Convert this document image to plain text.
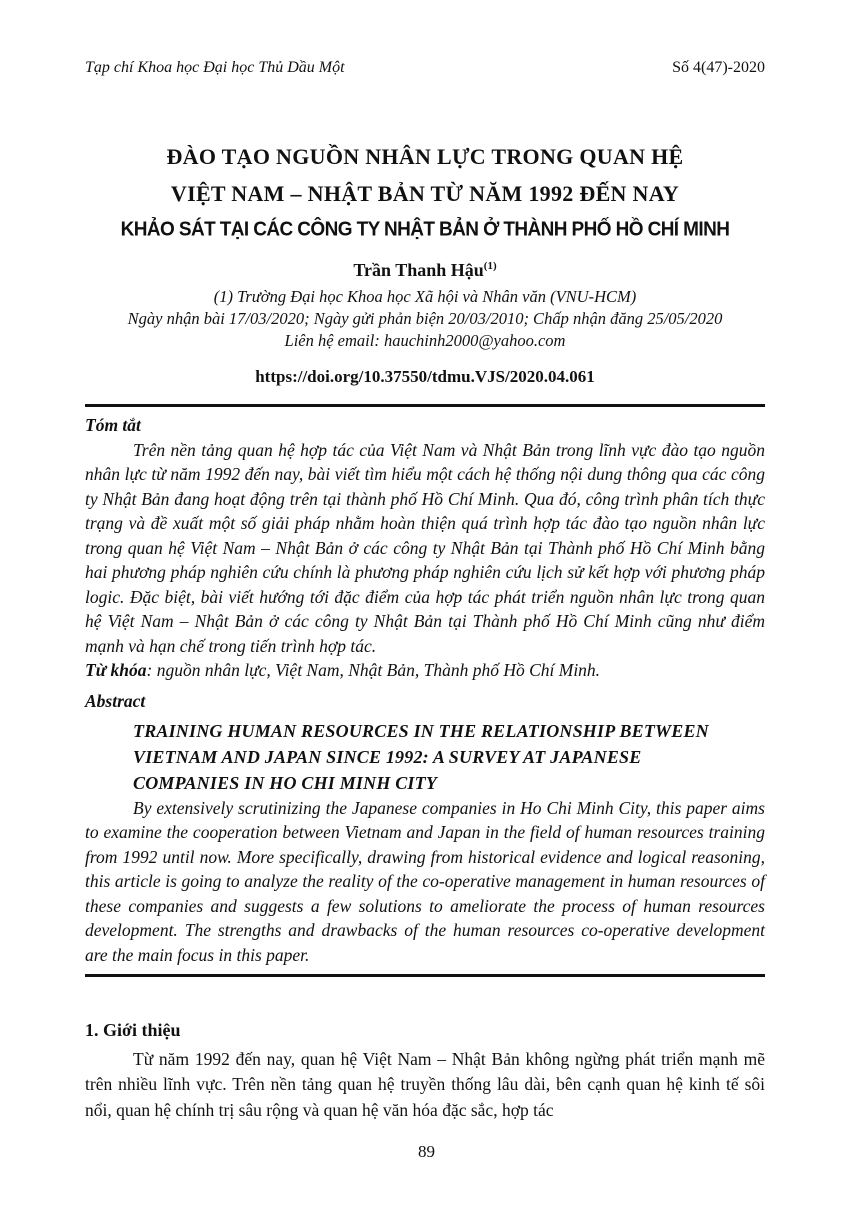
Tạp chí Khoa học Đại học Thủ Dầu Một	Số 4(47)-2020
ĐÀO TẠO NGUỒN NHÂN LỰC TRONG QUAN HỆ
VIỆT NAM – NHẬT BẢN TỪ NĂM 1992 ĐẾN NAY
KHẢO SÁT TẠI CÁC CÔNG TY NHẬT BẢN Ở THÀNH PHỐ HỒ CHÍ MINH
Trần Thanh Hậu$^{(1)}$
(1) Trường Đại học Khoa học Xã hội và Nhân văn (VNU-HCM)
Ngày nhận bài 17/03/2020; Ngày gửi phản biện 20/03/2010; Chấp nhận đăng 25/05/2020
Liên hệ email: hauchinh2000@yahoo.com
https://doi.org/10.37550/tdmu.VJS/2020.04.061
Tóm tắt

Trên nền tảng quan hệ hợp tác của Việt Nam và Nhật Bản trong lĩnh vực đào tạo nguồn nhân lực từ năm 1992 đến nay, bài viết tìm hiểu một cách hệ thống nội dung thông qua các công ty Nhật Bản đang hoạt động trên tại thành phố Hồ Chí Minh. Qua đó, công trình phân tích thực trạng và đề xuất một số giải pháp nhằm hoàn thiện quá trình hợp tác đào tạo nguồn nhân lực trong quan hệ Việt Nam – Nhật Bản ở các công ty Nhật Bản tại Thành phố Hồ Chí Minh bằng hai phương pháp nghiên cứu chính là phương pháp nghiên cứu lịch sử kết hợp với phương pháp logic. Đặc biệt, bài viết hướng tới đặc điểm của hợp tác phát triển nguồn nhân lực trong quan hệ Việt Nam – Nhật Bản ở các công ty Nhật Bản tại Thành phố Hồ Chí Minh cũng như điểm mạnh và hạn chế trong tiến trình hợp tác.

Từ khóa: nguồn nhân lực, Việt Nam, Nhật Bản, Thành phố Hồ Chí Minh.
Abstract
TRAINING HUMAN RESOURCES IN THE RELATIONSHIP BETWEEN VIETNAM AND JAPAN SINCE 1992: A SURVEY AT JAPANESE COMPANIES IN HO CHI MINH CITY

By extensively scrutinizing the Japanese companies in Ho Chi Minh City, this paper aims to examine the cooperation between Vietnam and Japan in the field of human resources training from 1992 until now. More specifically, drawing from historical evidence and logical reasoning, this article is going to analyze the reality of the co-operative management in human resources of these companies and suggests a few solutions to ameliorate the process of human resources development. The strengths and drawbacks of the human resources co-operative development are the main focus in this paper.

1. Giới thiệu

Từ năm 1992 đến nay, quan hệ Việt Nam – Nhật Bản không ngừng phát triển mạnh mẽ trên nhiều lĩnh vực. Trên nền tảng quan hệ truyền thống lâu dài, bên cạnh quan hệ kinh tế sôi nổi, quan hệ chính trị sâu rộng và quan hệ văn hóa đặc sắc, hợp tác

89
